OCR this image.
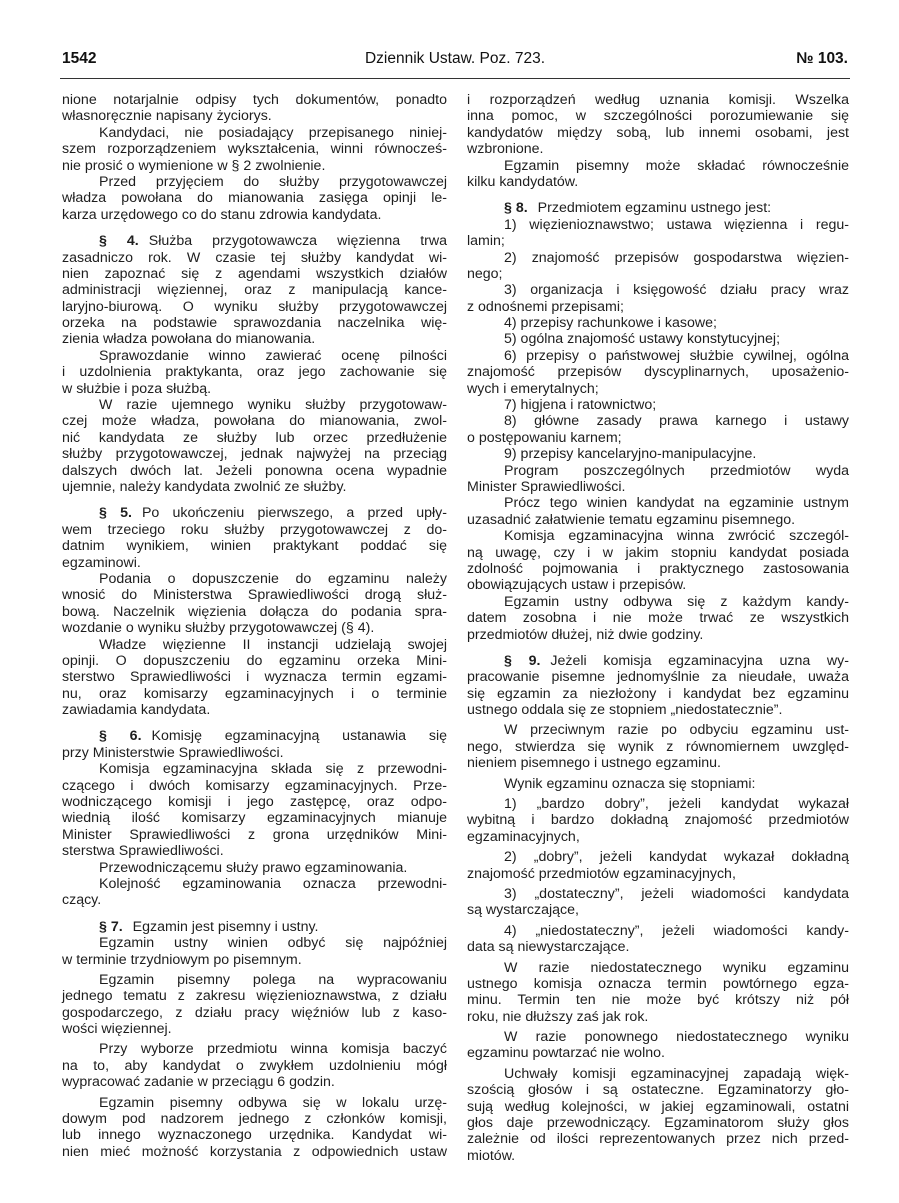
1542	Dziennik Ustaw. Poz. 723.	№ 103.
nione notarjalnie odpisy tych dokumentów, ponadto
własnoręcznie napisany życiorys.
Kandydaci, nie posiadający przepisanego niniej-
szem rozporządzeniem wykształcenia, winni równocześ-
nie prosić o wymienione w § 2 zwolnienie.
Przed przyjęciem do służby przygotowawczej
władza powołana do mianowania zasięga opinji le-
karza urzędowego co do stanu zdrowia kandydata.
§ 4. Służba przygotowawcza więzienna trwa
zasadniczo rok. W czasie tej służby kandydat wi-
nien zapoznać się z agendami wszystkich działów
administracji więziennej, oraz z manipulacją kance-
laryjno-biurową. O wyniku służby przygotowawczej
orzeka na podstawie sprawozdania naczelnika wię-
zienia władza powołana do mianowania.
Sprawozdanie winno zawierać ocenę pilności
i uzdolnienia praktykanta, oraz jego zachowanie się
w służbie i poza służbą.
W razie ujemnego wyniku służby przygotowaw-
czej może władza, powołana do mianowania, zwol-
nić kandydata ze służby lub orzec przedłużenie
służby przygotowawczej, jednak najwyżej na przeciąg
dalszych dwóch lat. Jeżeli ponowna ocena wypadnie
ujemnie, należy kandydata zwolnić ze służby.
§ 5. Po ukończeniu pierwszego, a przed upły-
wem trzeciego roku służby przygotowawczej z do-
datnim wynikiem, winien praktykant poddać się
egzaminowi.
Podania o dopuszczenie do egzaminu należy
wnosić do Ministerstwa Sprawiedliwości drogą służ-
bową. Naczelnik więzienia dołącza do podania spra-
wozdanie o wyniku służby przygotowawczej (§ 4).
Władze więzienne II instancji udzielają swojej
opinji. O dopuszczeniu do egzaminu orzeka Mini-
sterstwo Sprawiedliwości i wyznacza termin egzami-
nu, oraz komisarzy egzaminacyjnych i o terminie
zawiadamia kandydata.
§ 6. Komisję egzaminacyjną ustanawia się
przy Ministerstwie Sprawiedliwości.
Komisja egzaminacyjna składa się z przewodni-
czącego i dwóch komisarzy egzaminacyjnych. Prze-
wodniczącego komisji i jego zastępcę, oraz odpo-
wiednią ilość komisarzy egzaminacyjnych mianuje
Minister Sprawiedliwości z grona urzędników Mini-
sterstwa Sprawiedliwości.
Przewodniczącemu służy prawo egzaminowania.
Kolejność egzaminowania oznacza przewodni-
czący.
§ 7. Egzamin jest pisemny i ustny.
Egzamin ustny winien odbyć się najpóźniej
w terminie trzydniowym po pisemnym.
Egzamin pisemny polega na wypracowaniu
jednego tematu z zakresu więzienioznawstwa, z działu
gospodarczego, z działu pracy więźniów lub z kaso-
wości więziennej.
Przy wyborze przedmiotu winna komisja baczyć
na to, aby kandydat o zwykłem uzdolnieniu mógł
wypracować zadanie w przeciągu 6 godzin.
Egzamin pisemny odbywa się w lokalu urzę-
dowym pod nadzorem jednego z członków komisji,
lub innego wyznaczonego urzędnika. Kandydat wi-
nien mieć możność korzystania z odpowiednich ustaw
i rozporządzeń według uznania komisji. Wszelka
inna pomoc, w szczególności porozumiewanie się
kandydatów między sobą, lub innemi osobami, jest
wzbronione.
Egzamin pisemny może składać równocześnie
kilku kandydatów.
§ 8. Przedmiotem egzaminu ustnego jest:
1) więzienioznawstwo; ustawa więzienna i regu-
lamin;
2) znajomość przepisów gospodarstwa więzien-
nego;
3) organizacja i księgowość działu pracy wraz
z odnośnemi przepisami;
4) przepisy rachunkowe i kasowe;
5) ogólna znajomość ustawy konstytucyjnej;
6) przepisy o państwowej służbie cywilnej, ogólna
znajomość przepisów dyscyplinarnych, uposażenio-
wych i emerytalnych;
7) higjena i ratownictwo;
8) główne zasady prawa karnego i ustawy
o postępowaniu karnem;
9) przepisy kancelaryjno-manipulacyjne.
Program poszczególnych przedmiotów wyda
Minister Sprawiedliwości.
Prócz tego winien kandydat na egzaminie ustnym
uzasadnić załatwienie tematu egzaminu pisemnego.
Komisja egzaminacyjna winna zwrócić szczegól-
ną uwagę, czy i w jakim stopniu kandydat posiada
zdolność pojmowania i praktycznego zastosowania
obowiązujących ustaw i przepisów.
Egzamin ustny odbywa się z każdym kandy-
datem zosobna i nie może trwać ze wszystkich
przedmiotów dłużej, niż dwie godziny.
§ 9. Jeżeli komisja egzaminacyjna uzna wy-
pracowanie pisemne jednomyślnie za nieudałe, uważa
się egzamin za niezłożony i kandydat bez egzaminu
ustnego oddala się ze stopniem „niedostatecznie”.
W przeciwnym razie po odbyciu egzaminu ust-
nego, stwierdza się wynik z równomiernem uwzględ-
nieniem pisemnego i ustnego egzaminu.
Wynik egzaminu oznacza się stopniami:
1) „bardzo dobry”, jeżeli kandydat wykazał
wybitną i bardzo dokładną znajomość przedmiotów
egzaminacyjnych,
2) „dobry”, jeżeli kandydat wykazał dokładną
znajomość przedmiotów egzaminacyjnych,
3) „dostateczny”, jeżeli wiadomości kandydata
są wystarczające,
4) „niedostateczny”, jeżeli wiadomości kandy-
data są niewystarczające.
W razie niedostatecznego wyniku egzaminu
ustnego komisja oznacza termin powtórnego egza-
minu. Termin ten nie może być krótszy niż pół
roku, nie dłuższy zaś jak rok.
W razie ponownego niedostatecznego wyniku
egzaminu powtarzać nie wolno.
Uchwały komisji egzaminacyjnej zapadają więk-
szością głosów i są ostateczne. Egzaminatorzy gło-
sują według kolejności, w jakiej egzaminowali, ostatni
głos daje przewodniczący. Egzaminatorom służy głos
zależnie od ilości reprezentowanych przez nich przed-
miotów.
